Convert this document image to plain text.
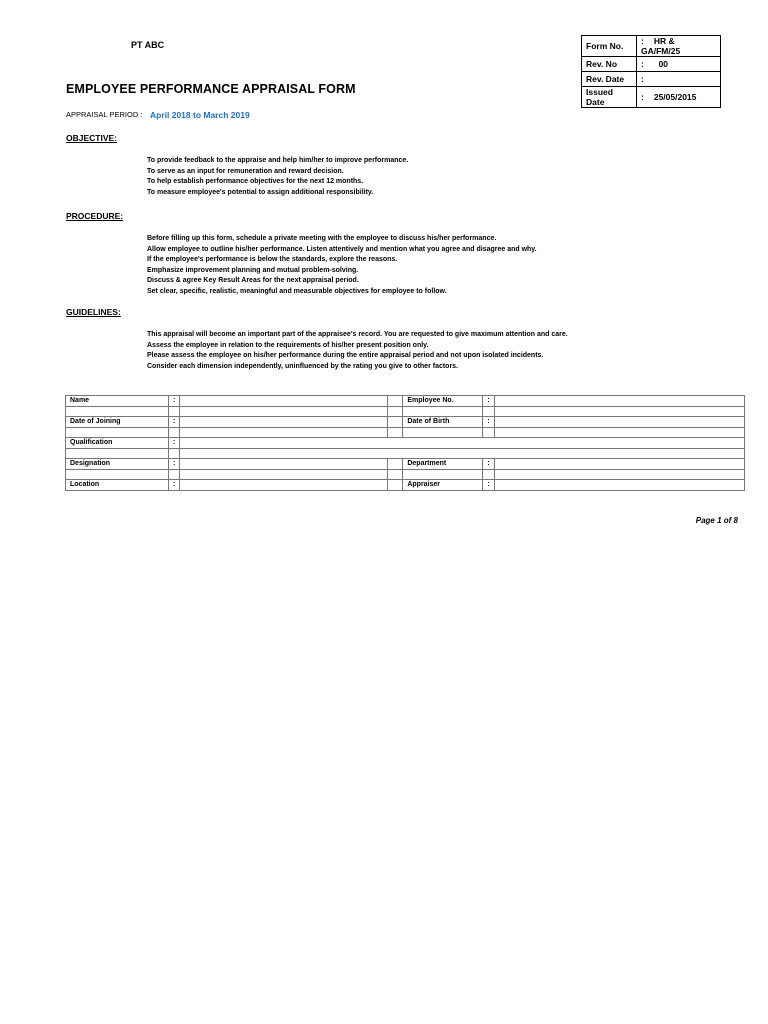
PT ABC
EMPLOYEE PERFORMANCE APPRAISAL FORM
Form No.	: HR & GA/FM/25
Rev. No	: 00
Rev. Date	:
Issued Date	: 25/05/2015
APPRAISAL PERIOD : April 2018 to March 2019
OBJECTIVE:
To provide feedback to the appraise and help him/her to improve performance.
To serve as an input for remuneration and reward decision.
To help establish performance objectives for the next 12 months.
To measure employee's potential to assign additional responsibility.
PROCEDURE:
Before filling up this form, schedule a private meeting with the employee to discuss his/her performance.
Allow employee to outline his/her performance. Listen attentively and mention what you agree and disagree and why.
If the employee's performance is below the standards, explore the reasons.
Emphasize improvement planning and mutual problem-solving.
Discuss & agree Key Result Areas for the next appraisal period.
Set clear, specific, realistic, meaningful and measurable objectives for employee to follow.
GUIDELINES:
This appraisal will become an important part of the appraisee's record. You are requested to give maximum attention and care.
Assess the employee in relation to the requirements of his/her present position only.
Please assess the employee on his/her performance during the entire appraisal period and not upon isolated incidents.
Consider each dimension independently, uninfluenced by the rating you give to other factors.
Name	:			Employee No.	:	

Date of Joining	:			Date of Birth	:	

Qualification	:					

Designation	:			Department	:	

Location	:			Appraiser	:	
Page 1 of 8
